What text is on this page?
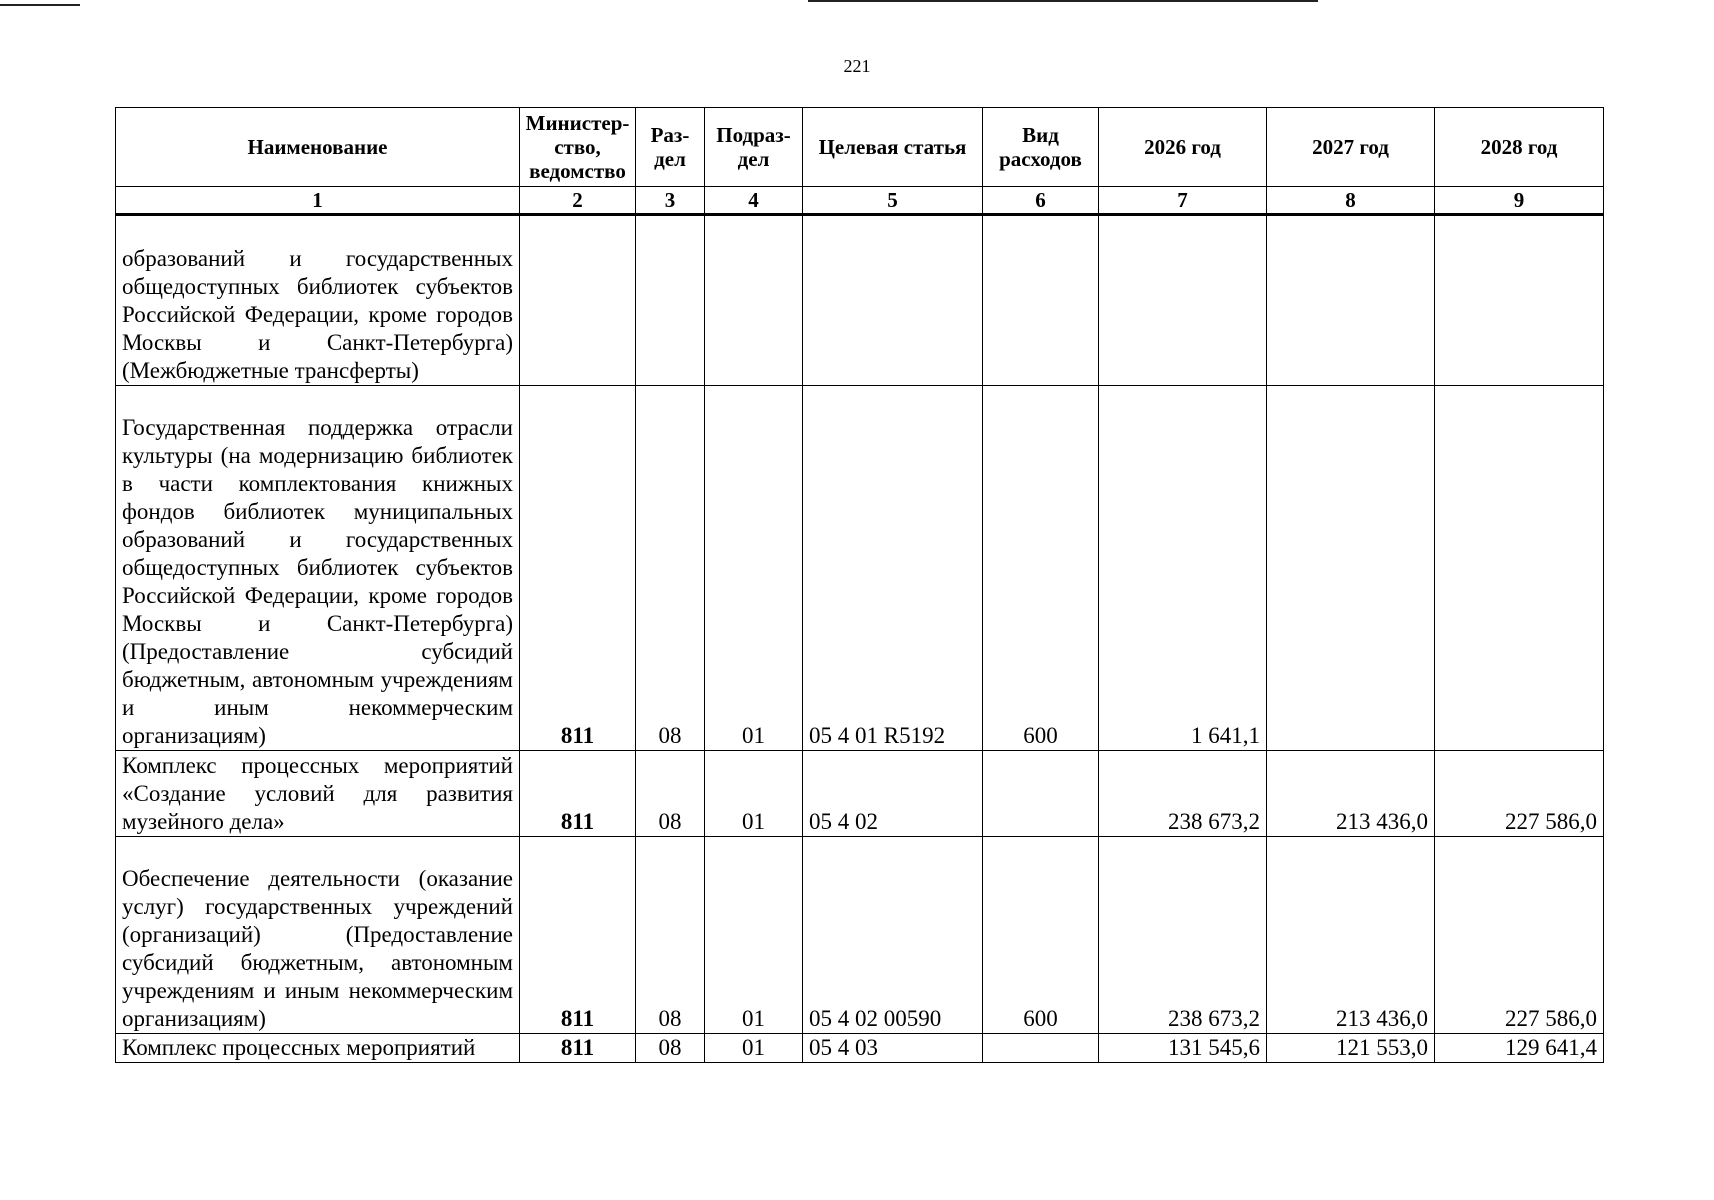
221
Наименование	Министер-ство, ведомство	Раз-дел	Подраз-дел	Целевая статья	Вид расходов	2026 год	2027 год	2028 год
1	2	3	4	5	6	7	8	9

образований и государственных общедоступных библиотек субъектов Российской Федерации, кроме городов Москвы и Санкт-Петербурга) (Межбюджетные трансферты)								

Государственная поддержка отрасли культуры (на модернизацию библиотек в части комплектования книжных фондов библиотек муниципальных образований и государственных общедоступных библиотек субъектов Российской Федерации, кроме городов Москвы и Санкт-Петербурга) (Предоставление субсидий бюджетным, автономным учреждениям и иным некоммерческим организациям)	811	08	01	05 4 01 R5192	600	1 641,1		

Комплекс процессных мероприятий «Создание условий для развития музейного дела»	811	08	01	05 4 02		238 673,2	213 436,0	227 586,0

Обеспечение деятельности (оказание услуг) государственных учреждений (организаций) (Предоставление субсидий бюджетным, автономным учреждениям и иным некоммерческим организациям)	811	08	01	05 4 02 00590	600	238 673,2	213 436,0	227 586,0

Комплекс процессных мероприятий	811	08	01	05 4 03		131 545,6	121 553,0	129 641,4
